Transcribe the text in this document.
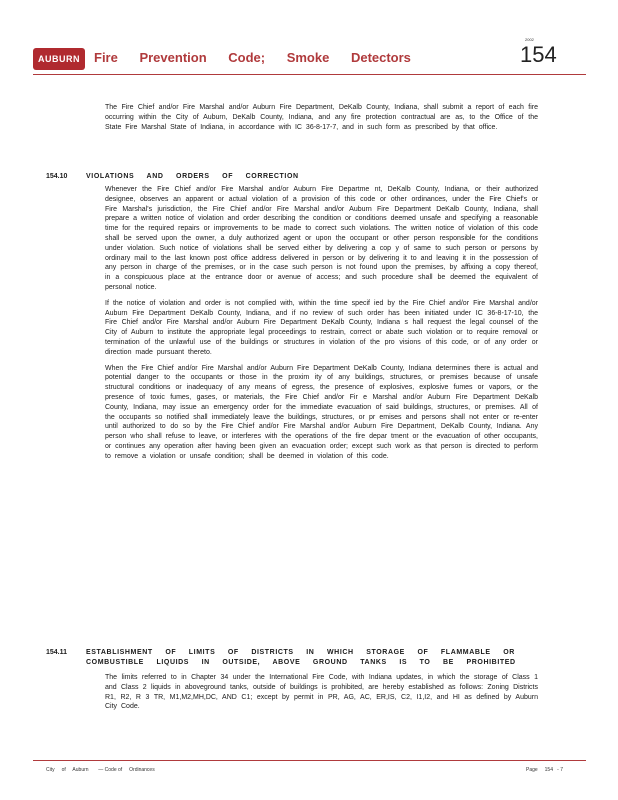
AUBURN	Fire Prevention Code; Smoke Detectors
2002
154

The Fire Chief and/or Fire Marshal and/or Auburn Fire Department, DeKalb County, Indiana, shall submit a report of each fire occurring within the City of Auburn, DeKalb County, Indiana, and any fire protection contractual are as, to the Office of the State Fire Marshal State of Indiana, in accordance with IC 36-8-17-7, and in such form as prescribed by that office.

154.10	VIOLATIONS AND ORDERS OF CORRECTION

Whenever the Fire Chief and/or Fire Marshal and/or Auburn Fire Departme nt, DeKalb County, Indiana, or their authorized designee, observes an apparent or actual violation of a provision of this code or other ordinances, under the Fire Chief's or Fire Marshal's jurisdiction, the Fire Chief and/or Fire Marshal and/or Auburn Fire Department DeKalb County, Indiana, shall prepare a written notice of violation and order describing the condition or conditions deemed unsafe and specifying a reasonable time for the required repairs or improvements to be made to correct such violations. The written notice of violation of this code shall be served upon the owner, a duly authorized agent or upon the occupant or other person responsible for the conditions under violation. Such notice of violations shall be served either by delivering a cop y of same to such person or persons by ordinary mail to the last known post office address delivered in person or by delivering it to and leaving it in the possession of any person in charge of the premises, or in the case such person is not found upon the premises, by affixing a copy thereof, in a conspicuous place at the entrance door or avenue of access; and such procedure shall be deemed the equivalent of personal notice.

If the notice of violation and order is not complied with, within the time specif ied by the Fire Chief and/or Fire Marshal and/or Auburn Fire Department DeKalb County, Indiana, and if no review of such order has been initiated under IC 36-8-17-10, the Fire Chief and/or Fire Marshal and/or Auburn Fire Department DeKalb County, Indiana s hall request the legal counsel of the City of Auburn to institute the appropriate legal proceedings to restrain, correct or abate such violation or to require removal or termination of the unlawful use of the buildings or structures in violation of the pro visions of this code, or of any order or direction made pursuant thereto.

When the Fire Chief and/or Fire Marshal and/or Auburn Fire Department DeKalb County, Indiana determines there is actual and potential danger to the occupants or those in the proxim ity of any buildings, structures, or premises because of unsafe structural conditions or inadequacy of any means of egress, the presence of explosives, explosive fumes or vapors, or the presence of toxic fumes, gases, or materials, the Fire Chief and/or Fir e Marshal and/or Auburn Fire Department DeKalb County, Indiana, may issue an emergency order for the immediate evacuation of said buildings, structures, or premises. All of the occupants so notified shall immediately leave the buildings, structures, or pr emises and persons shall not enter or re-enter until authorized to do so by the Fire Chief and/or Fire Marshal and/or Auburn Fire Department, DeKalb County, Indiana. Any person who shall refuse to leave, or interferes with the operations of the fire depar tment or the evacuation of other occupants, or continues any operation after having been given an evacuation order; except such work as that person is directed to perform to remove a violation or unsafe condition; shall be deemed in violation of this code.

154.11	ESTABLISHMENT OF LIMITS OF DISTRICTS IN WHICH STORAGE OF FLAMMABLE OR
COMBUSTIBLE LIQUIDS IN OUTSIDE, ABOVE GROUND TANKS IS TO BE PROHIBITED

The limits referred to in Chapter 34 under the International Fire Code, with Indiana updates, in which the storage of Class 1 and Class 2 liquids in aboveground tanks, outside of buildings is prohibited, are hereby established as follows: Zoning Districts R1, R2, R 3 TR, M1,M2,MH,DC, AND C1; except by permit in PR, AG, AC, ER,IS, C2, I1,I2, and HI as defined by Auburn City Code.

City of Auburn — Code of Ordinances	Page 154 - 7
